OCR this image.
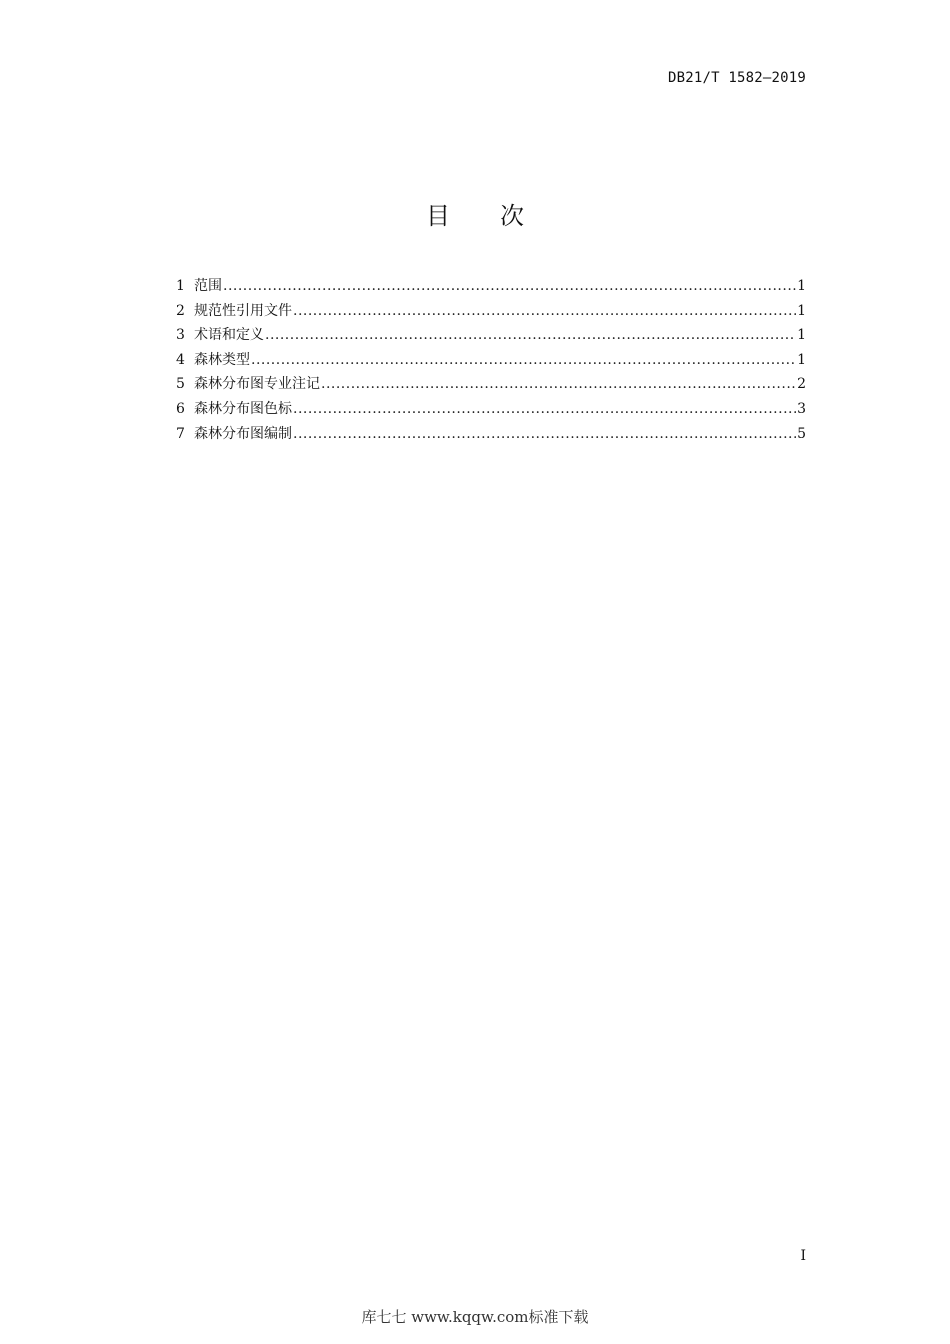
DB21/T 1582—2019
目 次
1 范围 .....	1
2 规范性引用文件 .....	1
3 术语和定义 .....	1
4 森林类型 .....	1
5 森林分布图专业注记 .....	2
6 森林分布图色标 .....	3
7 森林分布图编制 .....	5
I
库七七 www.kqqw.com标准下载
